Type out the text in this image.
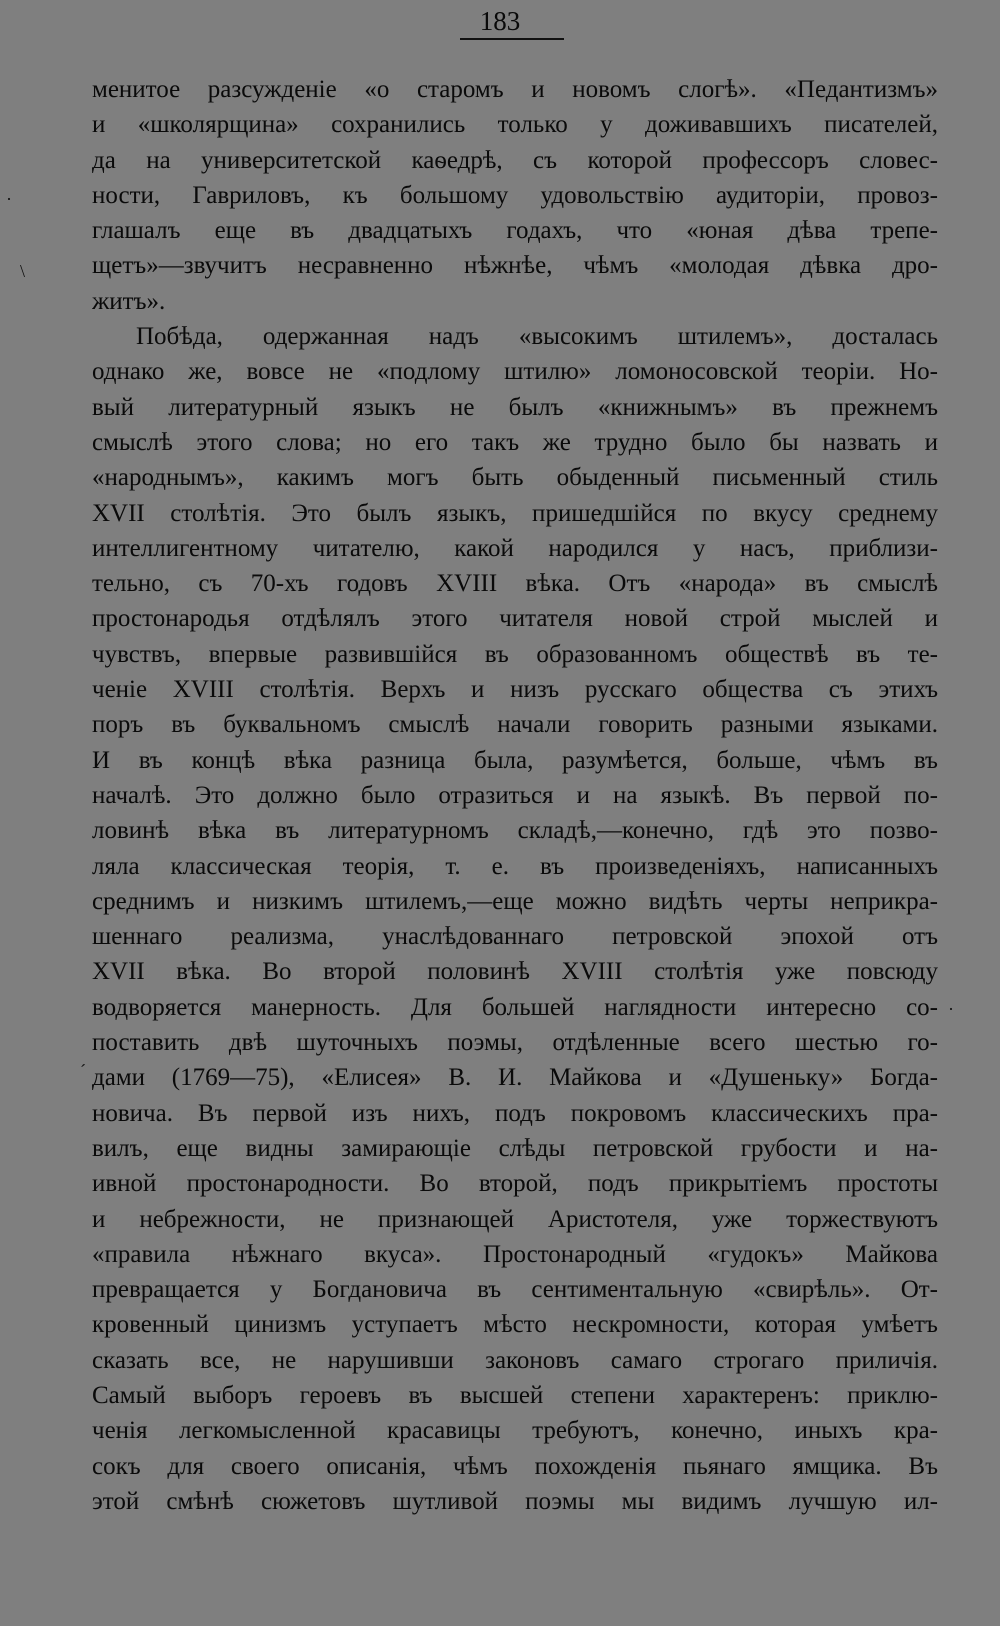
183
менитое разсужденіе «о старомъ и новомъ слогѣ». «Педантизмъ»
и «школярщина» сохранились только у доживавшихъ писателей,
да на университетской каѳедрѣ, съ которой профессоръ словес-
ности, Гавриловъ, къ большому удовольствію аудиторіи, провоз-
глашалъ еще въ двадцатыхъ годахъ, что «юная дѣва трепе-
щетъ»—звучитъ несравненно нѣжнѣе, чѣмъ «молодая дѣвка дро-
житъ».
Побѣда, одержанная надъ «высокимъ штилемъ», досталась
однако же, вовсе не «подлому штилю» ломоносовской теоріи. Но-
вый литературный языкъ не былъ «книжнымъ» въ прежнемъ
смыслѣ этого слова; но его такъ же трудно было бы назвать и
«народнымъ», какимъ могъ быть обыденный письменный стиль
XVII столѣтія. Это былъ языкъ, пришедшійся по вкусу среднему
интеллигентному читателю, какой народился у насъ, приблизи-
тельно, съ 70-хъ годовъ XVIII вѣка. Отъ «народа» въ смыслѣ
простонародья отдѣлялъ этого читателя новой строй мыслей и
чувствъ, впервые развившійся въ образованномъ обществѣ въ те-
ченіе XVIII столѣтія. Верхъ и низъ русскаго общества съ этихъ
поръ въ буквальномъ смыслѣ начали говорить разными языками.
И въ концѣ вѣка разница была, разумѣется, больше, чѣмъ въ
началѣ. Это должно было отразиться и на языкѣ. Въ первой по-
ловинѣ вѣка въ литературномъ складѣ,—конечно, гдѣ это позво-
ляла классическая теорія, т. е. въ произведеніяхъ, написанныхъ
среднимъ и низкимъ штилемъ,—еще можно видѣть черты неприкра-
шеннаго реализма, унаслѣдованнаго петровской эпохой отъ
XVII вѣка. Во второй половинѣ XVIII столѣтія уже повсюду
водворяется манерность. Для большей наглядности интересно со-
поставить двѣ шуточныхъ поэмы, отдѣленные всего шестью го-
дами (1769—75), «Елисея» В. И. Майкова и «Душеньку» Богда-
новича. Въ первой изъ нихъ, подъ покровомъ классическихъ пра-
вилъ, еще видны замирающіе слѣды петровской грубости и на-
ивной простонародности. Во второй, подъ прикрытіемъ простоты
и небрежности, не признающей Аристотеля, уже торжествуютъ
«правила нѣжнаго вкуса». Простонародный «гудокъ» Майкова
превращается у Богдановича въ сентиментальную «свирѣль». От-
кровенный цинизмъ уступаетъ мѣсто нескромности, которая умѣетъ
сказать все, не нарушивши законовъ самаго строгаго приличія.
Самый выборъ героевъ въ высшей степени характеренъ: приклю-
ченія легкомысленной красавицы требуютъ, конечно, иныхъ кра-
сокъ для своего описанія, чѣмъ похожденія пьянаго ямщика. Въ
этой смѣнѣ сюжетовъ шутливой поэмы мы видимъ лучшую ил-
·
\
·
´
